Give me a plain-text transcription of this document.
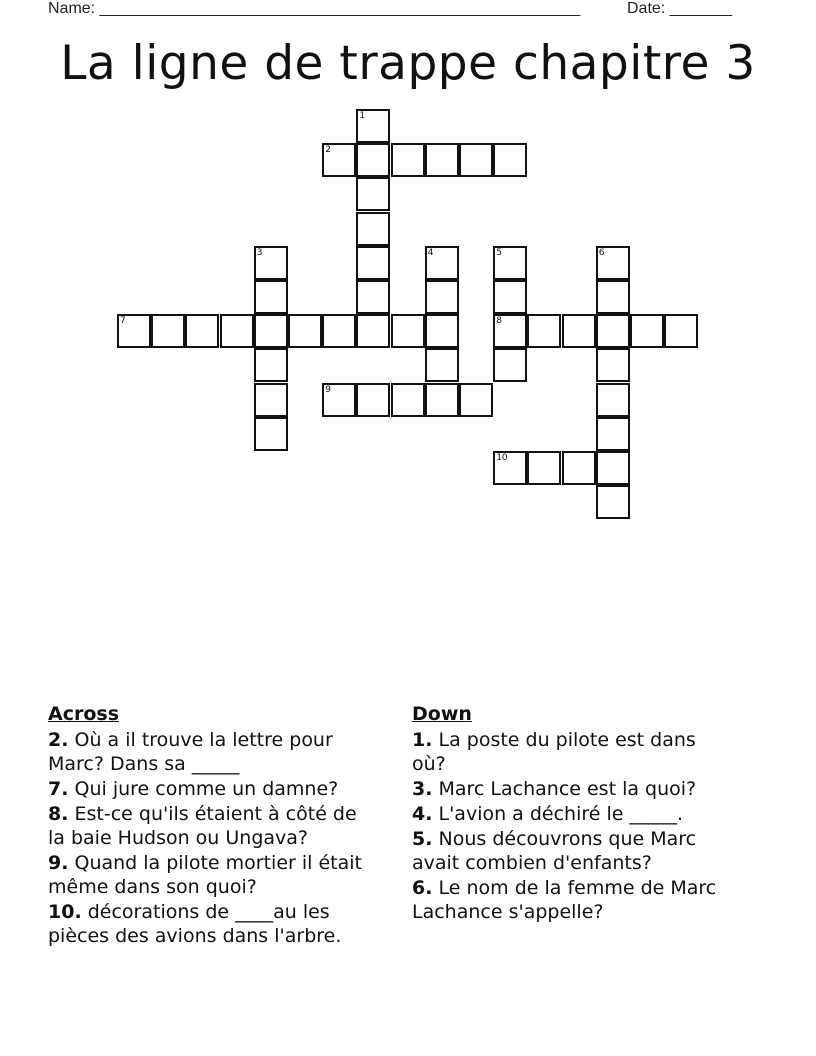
Name: ______________________________________________________	Date: _______
La ligne de trappe chapitre 3
1
2
3	4	5	6
7	8
9
10
Across
2. Où a il trouve la lettre pour Marc? Dans sa _____
7. Qui jure comme un damne?
8. Est-ce qu'ils étaient à côté de la baie Hudson ou Ungava?
9. Quand la pilote mortier il était même dans son quoi?
10. décorations de ____au les pièces des avions dans l'arbre.
Down
1. La poste du pilote est dans où?
3. Marc Lachance est la quoi?
4. L'avion a déchiré le _____.
5. Nous découvrons que Marc avait combien d'enfants?
6. Le nom de la femme de Marc Lachance s'appelle?
